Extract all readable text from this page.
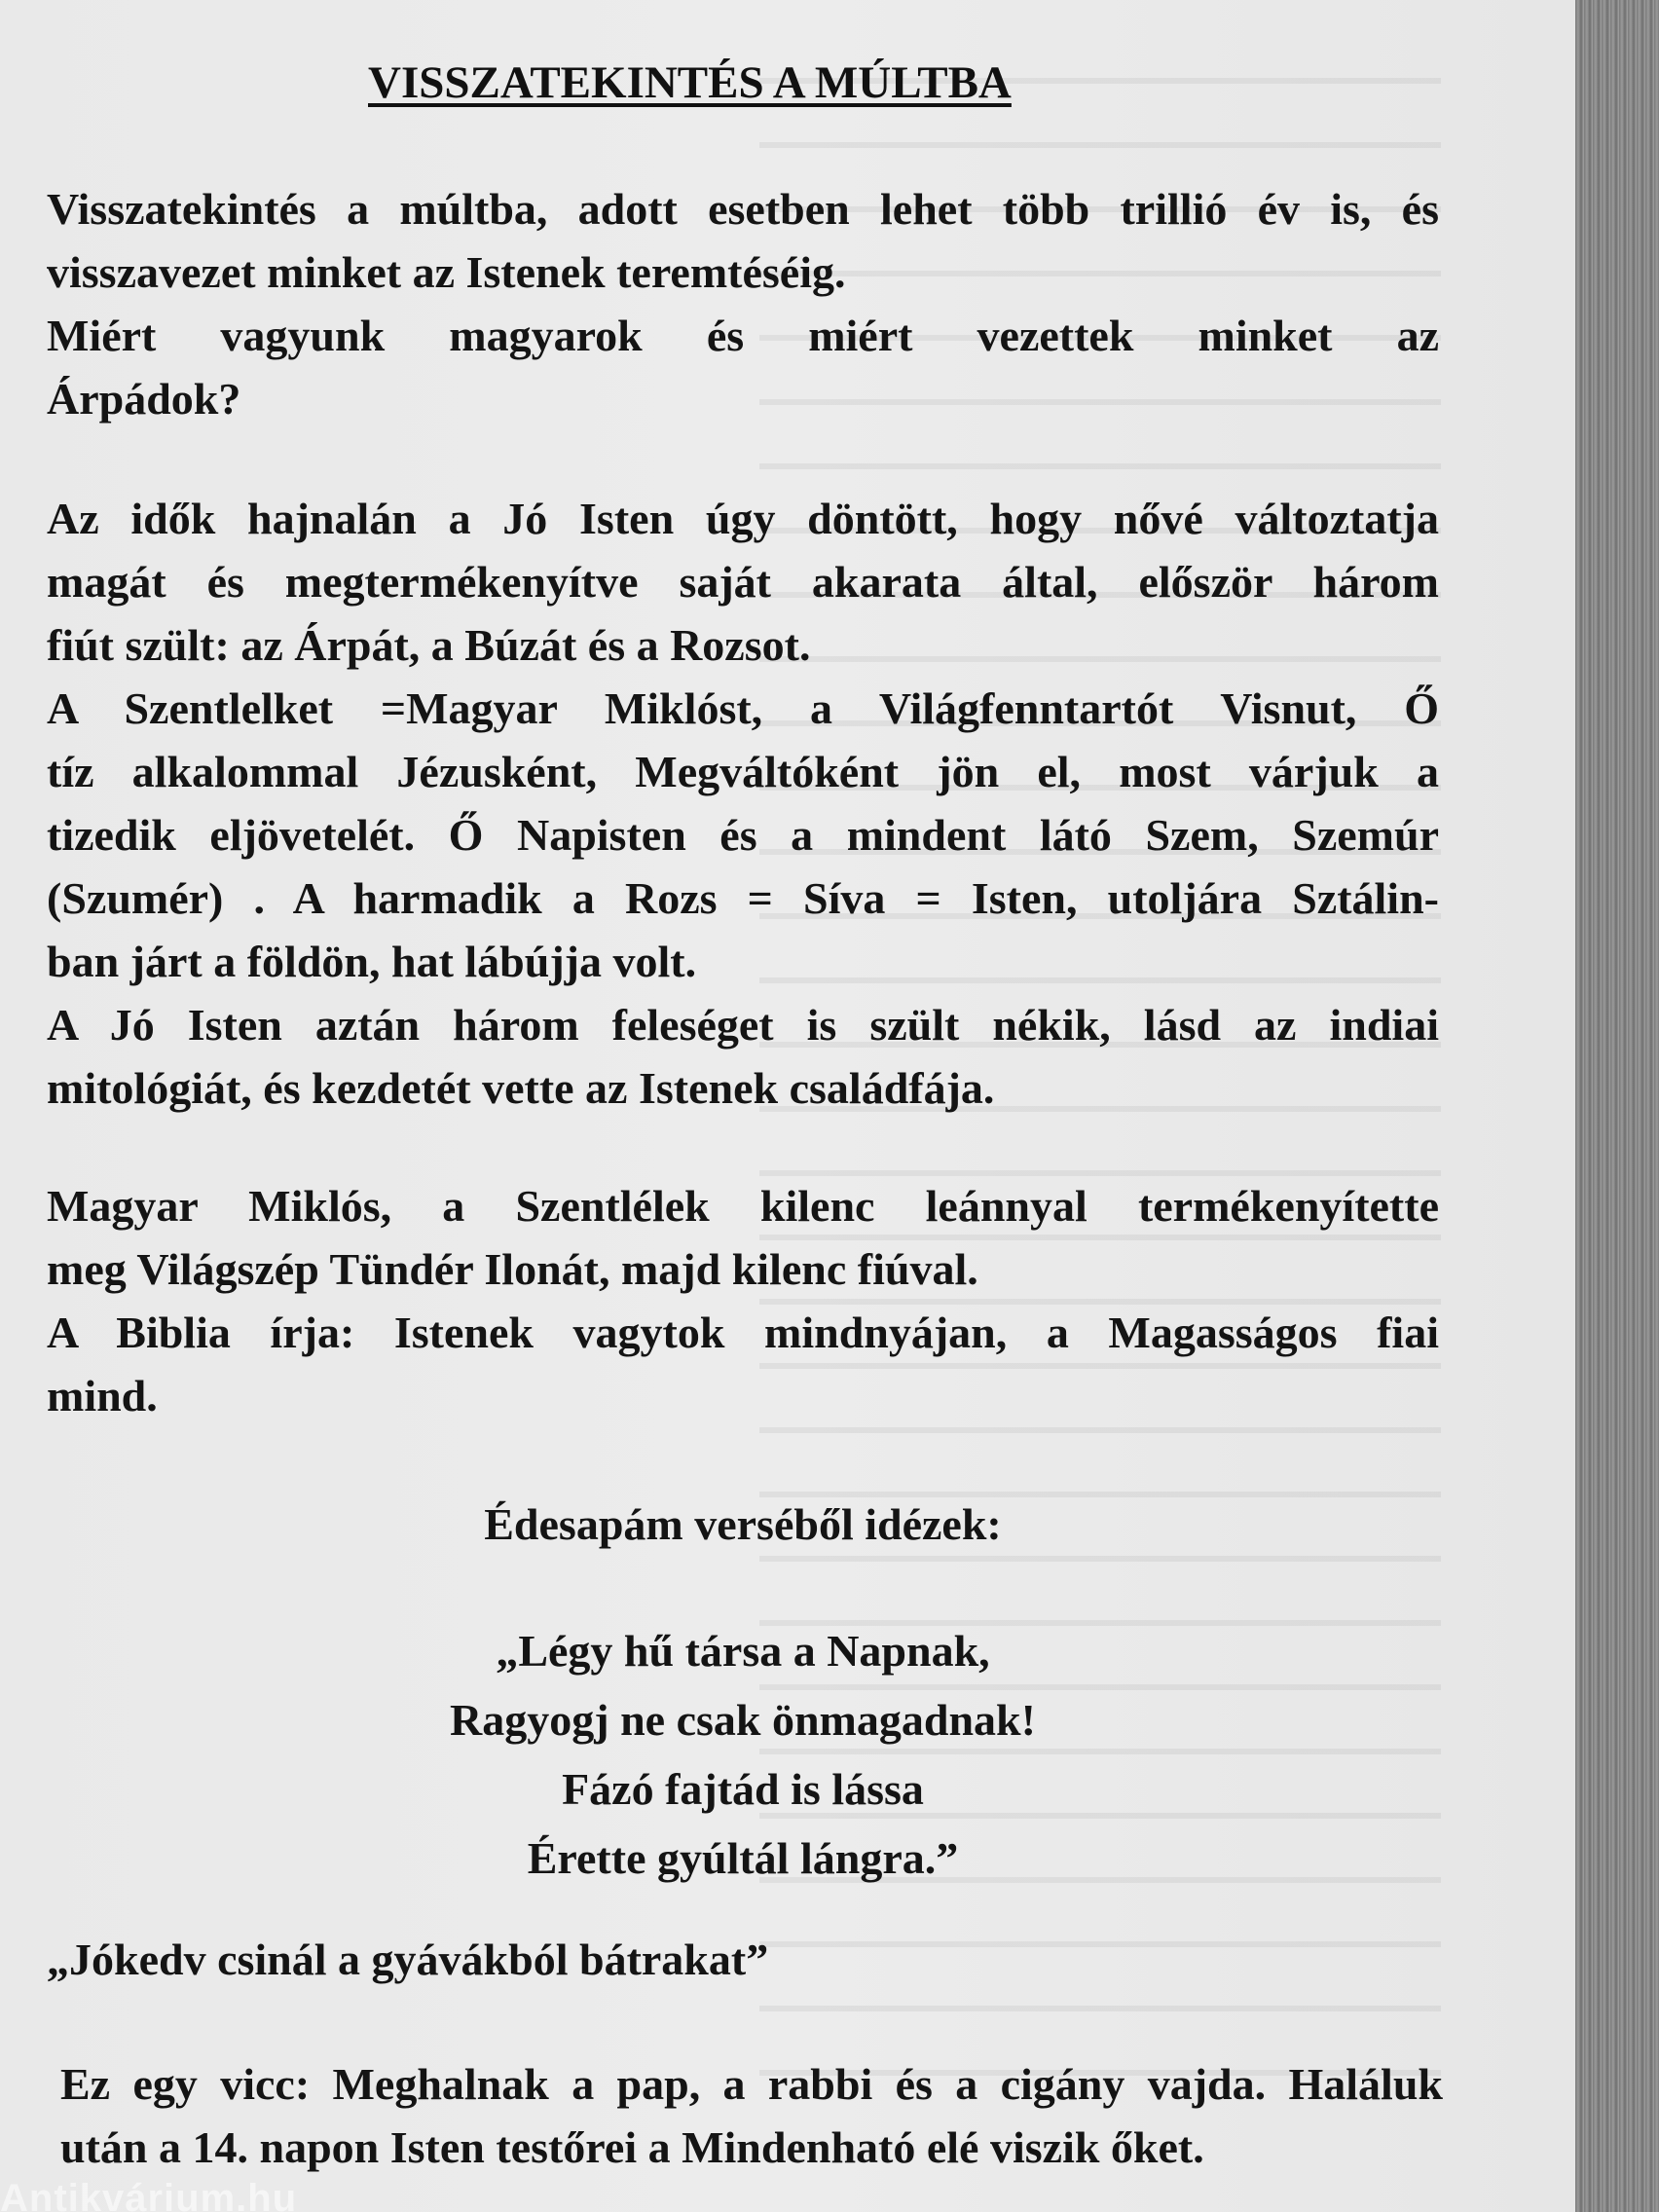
VISSZATEKINTÉS A MÚLTBA
Visszatekintés a múltba, adott esetben lehet több trillió év is, és
visszavezet minket az Istenek teremtéséig.
Miért vagyunk magyarok és miért vezettek minket az
Árpádok?
Az idők hajnalán a Jó Isten úgy döntött, hogy nővé változtatja
magát és megtermékenyítve saját akarata által, először három
fiút szült: az Árpát, a Búzát és a Rozsot.
A Szentlelket =Magyar Miklóst, a Világfenntartót Visnut, Ő
tíz alkalommal Jézusként, Megváltóként jön el, most várjuk a
tizedik eljövetelét. Ő Napisten és a mindent látó Szem, Szemúr
(Szumér) . A harmadik a Rozs = Síva = Isten, utoljára Sztálin-
ban járt a földön, hat lábújja volt.
A Jó Isten aztán három feleséget is szült nékik, lásd az indiai
mitológiát, és kezdetét vette az Istenek családfája.
Magyar Miklós, a Szentlélek kilenc leánnyal termékenyítette
meg Világszép Tündér Ilonát, majd kilenc fiúval.
A Biblia írja: Istenek vagytok mindnyájan, a Magasságos fiai
mind.
Édesapám verséből idézek:
„Légy hű társa a Napnak,
Ragyogj ne csak önmagadnak!
Fázó fajtád is lássa
Érette gyúltál lángra.”
„Jókedv csinál a gyávákból bátrakat”
Ez egy vicc: Meghalnak a pap, a rabbi és a cigány vajda. Haláluk
után a 14. napon Isten testőrei a Mindenható elé viszik őket.
Antikvárium.hu
